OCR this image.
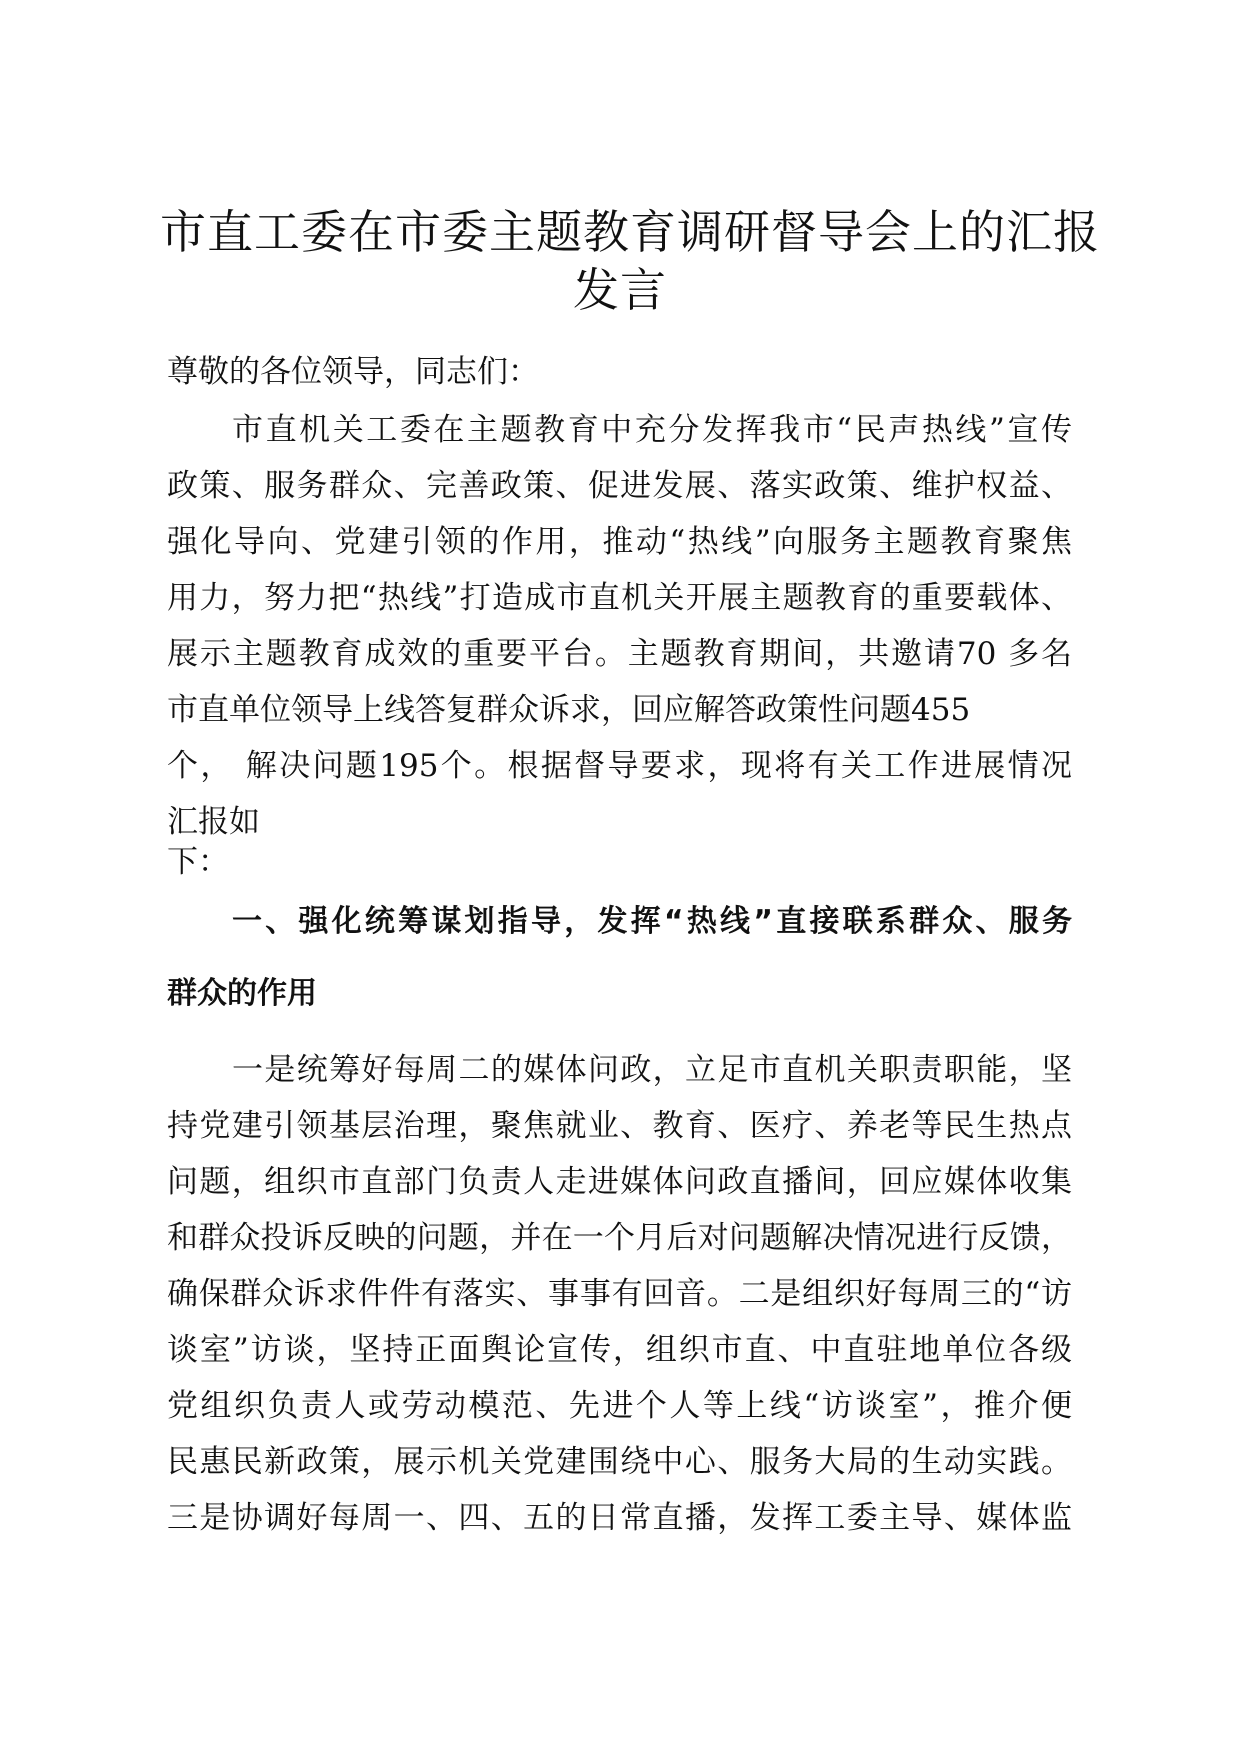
市直工委在市委主题教育调研督导会上的汇报
发言
尊敬的各位领导，同志们：
市直机关工委在主题教育中充分发挥我市“民声热线”宣传
政策、服务群众、完善政策、促进发展、落实政策、维护权益、
强化导向、党建引领的作用，推动“热线”向服务主题教育聚焦
用力，努力把“热线”打造成市直机关开展主题教育的重要载体、
展示主题教育成效的重要平台。主题教育期间，共邀请70 多名
市直单位领导上线答复群众诉求，回应解答政策性问题455
个， 解决问题195个。根据督导要求，现将有关工作进展情况
汇报如
下：
一、强化统筹谋划指导，发挥“热线”直接联系群众、服务
群众的作用
一是统筹好每周二的媒体问政，立足市直机关职责职能，坚
持党建引领基层治理，聚焦就业、教育、医疗、养老等民生热点
问题，组织市直部门负责人走进媒体问政直播间，回应媒体收集
和群众投诉反映的问题，并在一个月后对问题解决情况进行反馈，
确保群众诉求件件有落实、事事有回音。二是组织好每周三的“访
谈室”访谈，坚持正面舆论宣传，组织市直、中直驻地单位各级
党组织负责人或劳动模范、先进个人等上线“访谈室”，推介便
民惠民新政策，展示机关党建围绕中心、服务大局的生动实践。
三是协调好每周一、四、五的日常直播，发挥工委主导、媒体监
